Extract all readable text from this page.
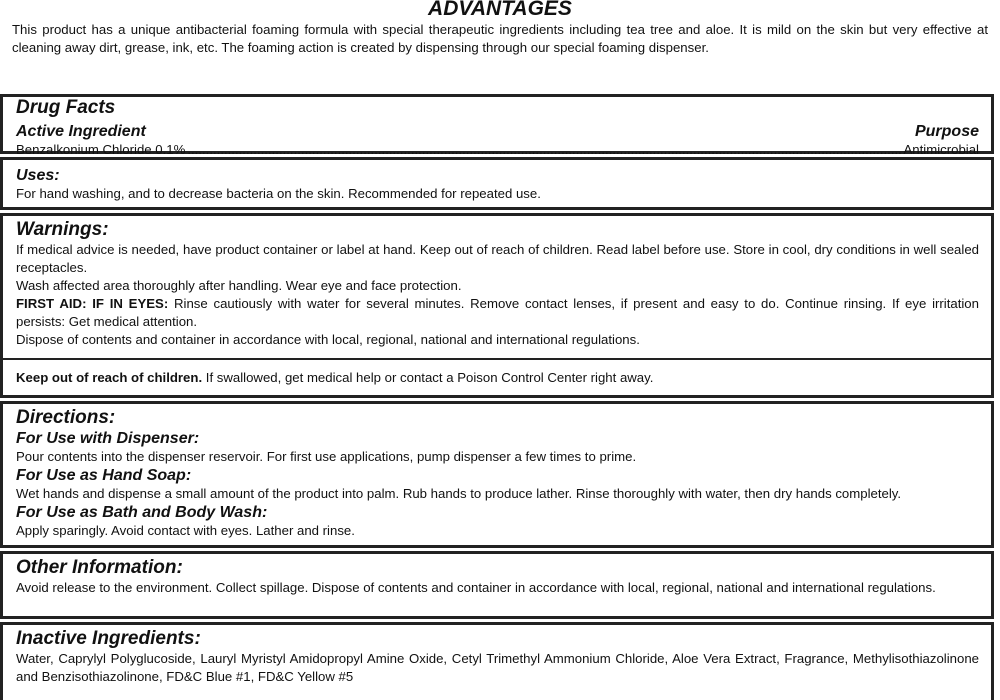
ADVANTAGES
This product has a unique antibacterial foaming formula with special therapeutic ingredients including tea tree and aloe. It is mild on the skin but very effective at cleaning away dirt, grease, ink, etc. The foaming action is created by dispensing through our special foaming dispenser.
Drug Facts
Active Ingredient	Purpose
Benzalkonium Chloride 0.1% .....	Antimicrobial
Uses:

For hand washing, and to decrease bacteria on the skin. Recommended for repeated use.

Warnings:

If medical advice is needed, have product container or label at hand. Keep out of reach of children. Read label before use. Store in cool, dry conditions in well sealed receptacles.

Wash affected area thoroughly after handling. Wear eye and face protection.

FIRST AID: IF IN EYES: Rinse cautiously with water for several minutes. Remove contact lenses, if present and easy to do. Continue rinsing. If eye irritation persists: Get medical attention.

Dispose of contents and container in accordance with local, regional, national and international regulations.

Keep out of reach of children. If swallowed, get medical help or contact a Poison Control Center right away.

Directions:
For Use with Dispenser:

Pour contents into the dispenser reservoir. For first use applications, pump dispenser a few times to prime.

For Use as Hand Soap:

Wet hands and dispense a small amount of the product into palm. Rub hands to produce lather. Rinse thoroughly with water, then dry hands completely.

For Use as Bath and Body Wash:

Apply sparingly. Avoid contact with eyes. Lather and rinse.

Other Information:

Avoid release to the environment. Collect spillage. Dispose of contents and container in accordance with local, regional, national and international regulations.

Inactive Ingredients:

Water, Caprylyl Polyglucoside, Lauryl Myristyl Amidopropyl Amine Oxide, Cetyl Trimethyl Ammonium Chloride, Aloe Vera Extract, Fragrance, Methylisothiazolinone and Benzisothiazolinone, FD&C Blue #1, FD&C Yellow #5
